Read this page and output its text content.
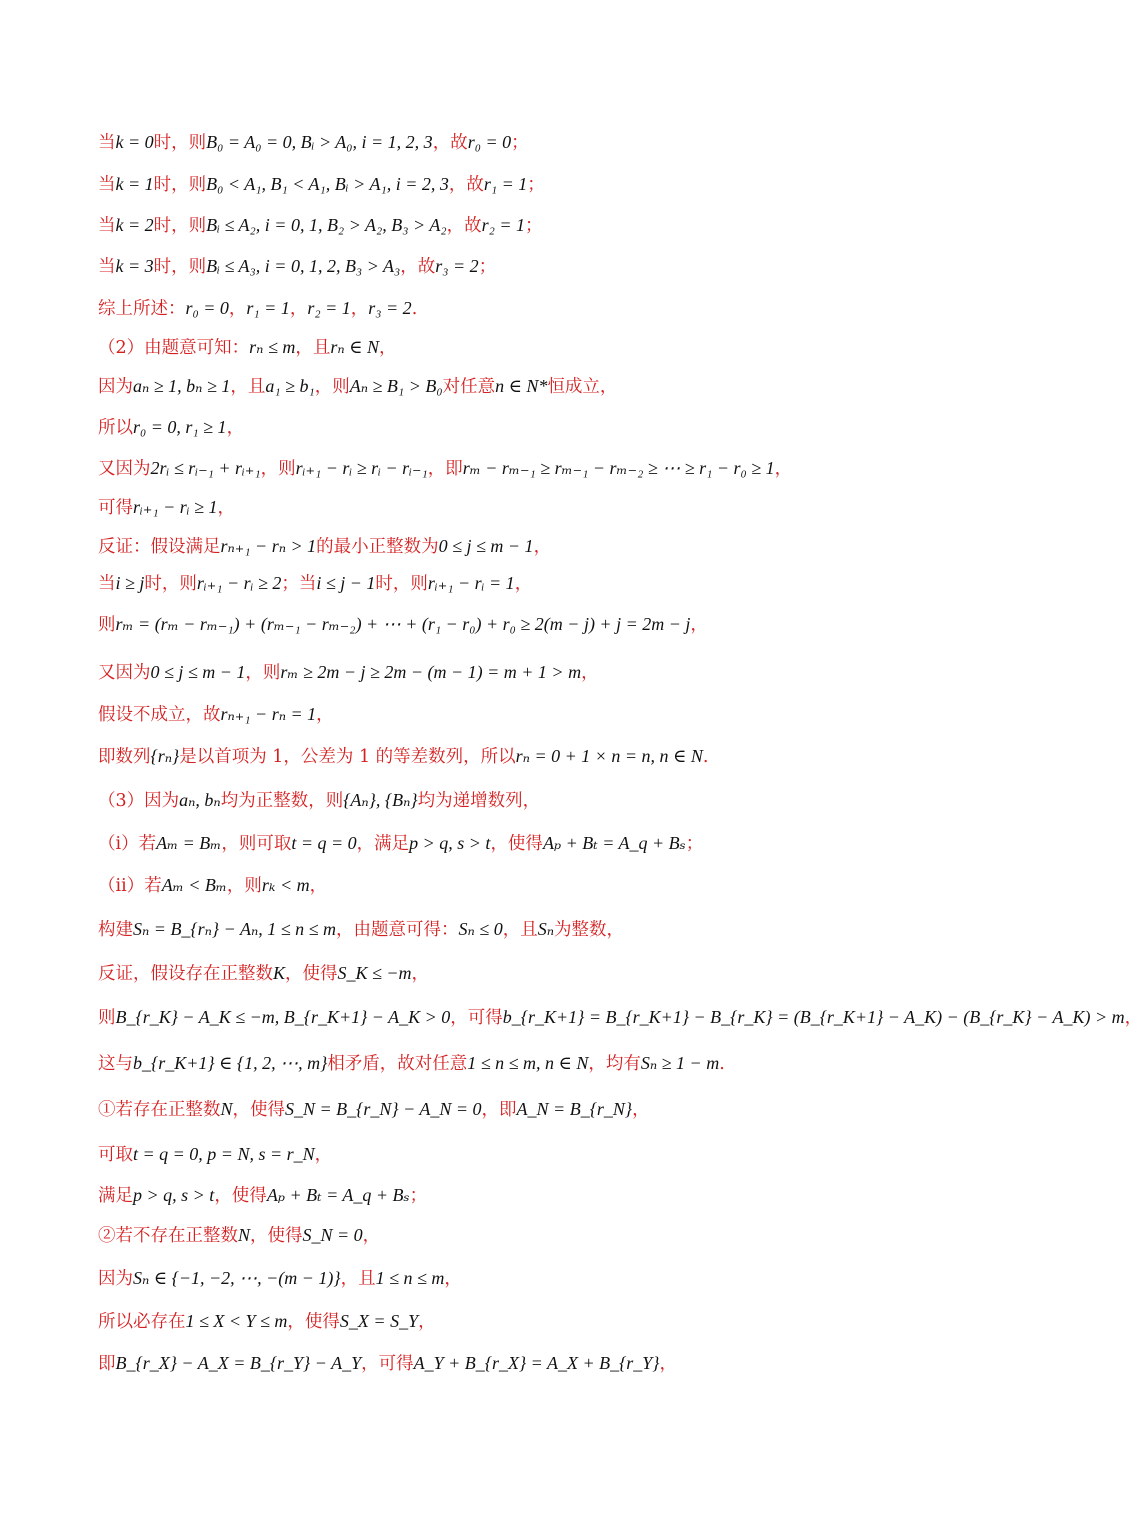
当k = 0时，则B₀ = A₀ = 0, Bᵢ > A₀, i = 1, 2, 3，故r₀ = 0；
当k = 1时，则B₀ < A₁, B₁ < A₁, Bᵢ > A₁, i = 2, 3，故r₁ = 1；
当k = 2时，则Bᵢ ≤ A₂, i = 0, 1, B₂ > A₂, B₃ > A₂，故r₂ = 1；
当k = 3时，则Bᵢ ≤ A₃, i = 0, 1, 2, B₃ > A₃，故r₃ = 2；
综上所述：r₀ = 0，r₁ = 1，r₂ = 1，r₃ = 2.
（2）由题意可知：rₙ ≤ m，且rₙ ∈ N，
因为aₙ ≥ 1, bₙ ≥ 1，且a₁ ≥ b₁，则Aₙ ≥ B₁ > B₀对任意n ∈ N*恒成立，
所以r₀ = 0, r₁ ≥ 1，
又因为2rᵢ ≤ rᵢ₋₁ + rᵢ₊₁，则rᵢ₊₁ − rᵢ ≥ rᵢ − rᵢ₋₁，即rₘ − rₘ₋₁ ≥ rₘ₋₁ − rₘ₋₂ ≥ ⋯ ≥ r₁ − r₀ ≥ 1，
可得rᵢ₊₁ − rᵢ ≥ 1，
反证：假设满足rₙ₊₁ − rₙ > 1的最小正整数为0 ≤ j ≤ m − 1，
当i ≥ j时，则rᵢ₊₁ − rᵢ ≥ 2；当i ≤ j − 1时，则rᵢ₊₁ − rᵢ = 1，
则rₘ = (rₘ − rₘ₋₁) + (rₘ₋₁ − rₘ₋₂) + ⋯ + (r₁ − r₀) + r₀ ≥ 2(m − j) + j = 2m − j，
又因为0 ≤ j ≤ m − 1，则rₘ ≥ 2m − j ≥ 2m − (m − 1) = m + 1 > m，
假设不成立，故rₙ₊₁ − rₙ = 1，
即数列{rₙ}是以首项为 1，公差为 1 的等差数列，所以rₙ = 0 + 1 × n = n, n ∈ N.
（3）因为aₙ, bₙ均为正整数，则{Aₙ}, {Bₙ}均为递增数列，
（ⅰ）若Aₘ = Bₘ，则可取t = q = 0，满足p > q, s > t，使得Aₚ + Bₜ = A_q + Bₛ；
（ⅱ）若Aₘ < Bₘ，则rₖ < m，
构建Sₙ = B_{rₙ} − Aₙ, 1 ≤ n ≤ m，由题意可得：Sₙ ≤ 0，且Sₙ为整数，
反证，假设存在正整数K，使得S_K ≤ −m，
则B_{r_K} − A_K ≤ −m, B_{r_K+1} − A_K > 0，可得b_{r_K+1} = B_{r_K+1} − B_{r_K} = (B_{r_K+1} − A_K) − (B_{r_K} − A_K) > m，
这与b_{r_K+1} ∈ {1, 2, ⋯, m}相矛盾，故对任意1 ≤ n ≤ m, n ∈ N，均有Sₙ ≥ 1 − m.
①若存在正整数N，使得S_N = B_{r_N} − A_N = 0，即A_N = B_{r_N}，
可取t = q = 0, p = N, s = r_N，
满足p > q, s > t，使得Aₚ + Bₜ = A_q + Bₛ；
②若不存在正整数N，使得S_N = 0，
因为Sₙ ∈ {−1, −2, ⋯, −(m − 1)}，且1 ≤ n ≤ m，
所以必存在1 ≤ X < Y ≤ m，使得S_X = S_Y，
即B_{r_X} − A_X = B_{r_Y} − A_Y，可得A_Y + B_{r_X} = A_X + B_{r_Y}，
